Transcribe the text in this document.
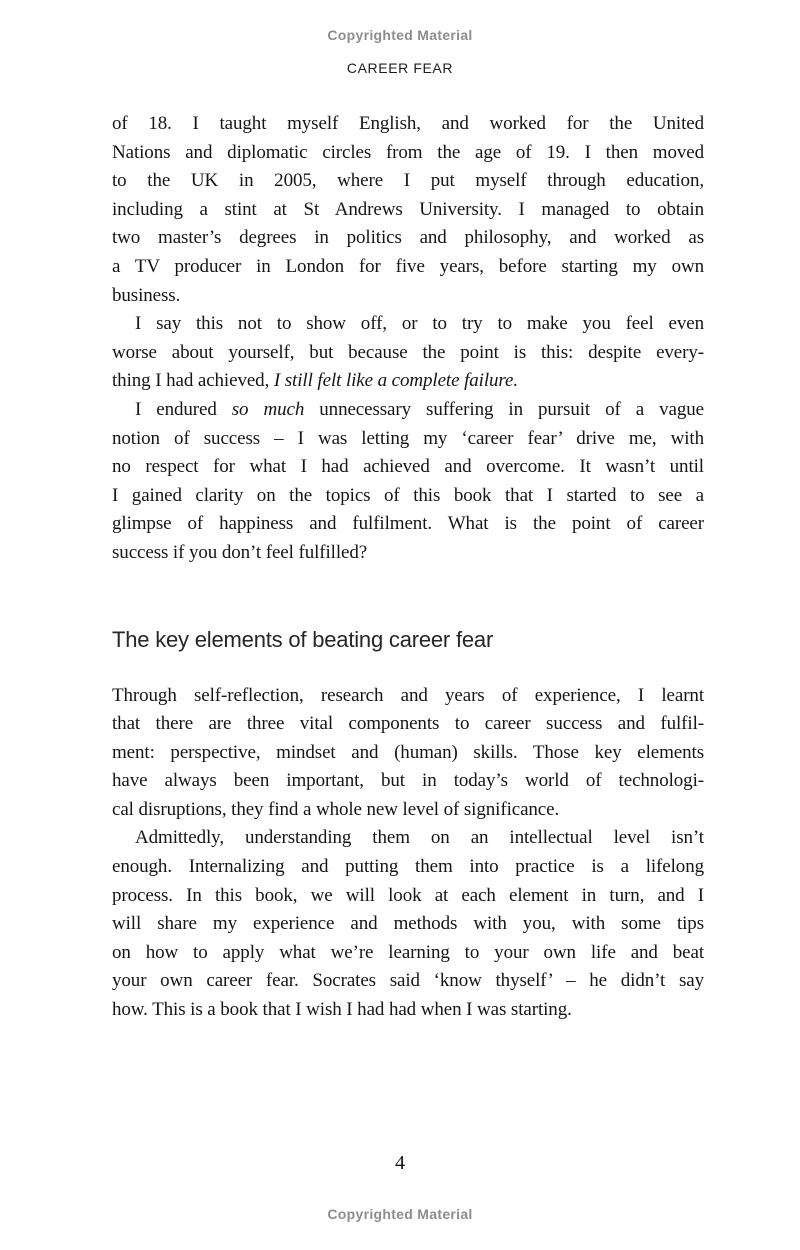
Copyrighted Material
CAREER FEAR
of 18. I taught myself English, and worked for the United
Nations and diplomatic circles from the age of 19. I then moved
to the UK in 2005, where I put myself through education,
including a stint at St Andrews University. I managed to obtain
two master’s degrees in politics and philosophy, and worked as
a TV producer in London for five years, before starting my own
business.
I say this not to show off, or to try to make you feel even
worse about yourself, but because the point is this: despite every-
thing I had achieved, I still felt like a complete failure.
I endured so much unnecessary suffering in pursuit of a vague
notion of success – I was letting my ‘career fear’ drive me, with
no respect for what I had achieved and overcome. It wasn’t until
I gained clarity on the topics of this book that I started to see a
glimpse of happiness and fulfilment. What is the point of career
success if you don’t feel fulfilled?
The key elements of beating career fear
Through self-reflection, research and years of experience, I learnt
that there are three vital components to career success and fulfil-
ment: perspective, mindset and (human) skills. Those key elements
have always been important, but in today’s world of technologi-
cal disruptions, they find a whole new level of significance.
Admittedly, understanding them on an intellectual level isn’t
enough. Internalizing and putting them into practice is a lifelong
process. In this book, we will look at each element in turn, and I
will share my experience and methods with you, with some tips
on how to apply what we’re learning to your own life and beat
your own career fear. Socrates said ‘know thyself’ – he didn’t say
how. This is a book that I wish I had had when I was starting.
4
Copyrighted Material
